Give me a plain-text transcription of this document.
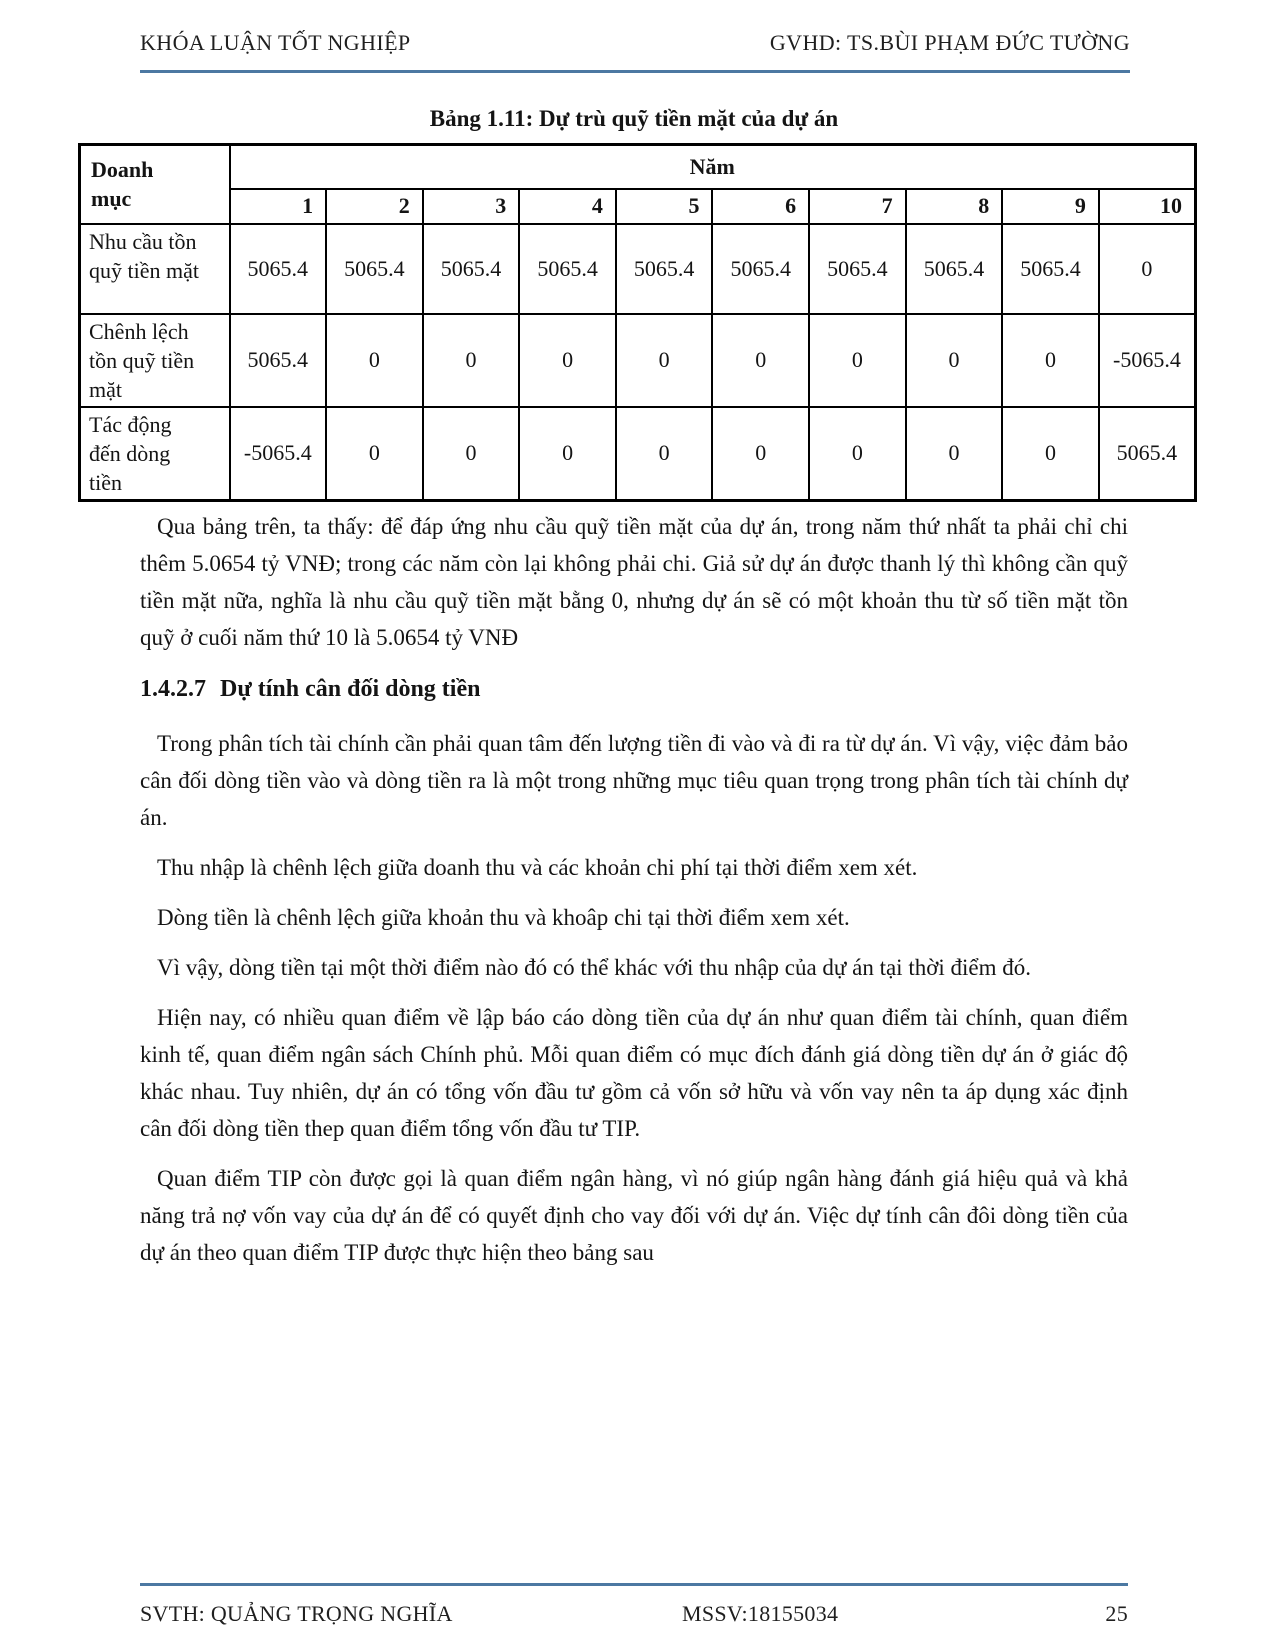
KHÓA LUẬN TỐT NGHIỆP	GVHD: TS.BÙI PHẠM ĐỨC TƯỜNG
Bảng 1.11: Dự trù quỹ tiền mặt của dự án
Doanh mục	Năm									
	1	2	3	4	5	6	7	8	9	10
Nhu cầu tồn quỹ tiền mặt	5065.4	5065.4	5065.4	5065.4	5065.4	5065.4	5065.4	5065.4	5065.4	0
Chênh lệch tồn quỹ tiền mặt	5065.4	0	0	0	0	0	0	0	0	-5065.4
Tác động đến dòng tiền	-5065.4	0	0	0	0	0	0	0	0	5065.4

Qua bảng trên, ta thấy: để đáp ứng nhu cầu quỹ tiền mặt của dự án, trong năm thứ nhất ta phải chỉ chi thêm 5.0654 tỷ VNĐ; trong các năm còn lại không phải chi. Giả sử dự án được thanh lý thì không cần quỹ tiền mặt nữa, nghĩa là nhu cầu quỹ tiền mặt bằng 0, nhưng dự án sẽ có một khoản thu từ số tiền mặt tồn quỹ ở cuối năm thứ 10 là 5.0654 tỷ VNĐ

1.4.2.7 Dự tính cân đối dòng tiền

Trong phân tích tài chính cần phải quan tâm đến lượng tiền đi vào và đi ra từ dự án. Vì vậy, việc đảm bảo cân đối dòng tiền vào và dòng tiền ra là một trong những mục tiêu quan trọng trong phân tích tài chính dự án.

Thu nhập là chênh lệch giữa doanh thu và các khoản chi phí tại thời điểm xem xét.

Dòng tiền là chênh lệch giữa khoản thu và khoâp chi tại thời điểm xem xét.

Vì vậy, dòng tiền tại một thời điểm nào đó có thể khác với thu nhập của dự án tại thời điểm đó.

Hiện nay, có nhiều quan điểm về lập báo cáo dòng tiền của dự án như quan điểm tài chính, quan điểm kinh tế, quan điểm ngân sách Chính phủ. Mỗi quan điểm có mục đích đánh giá dòng tiền dự án ở giác độ khác nhau. Tuy nhiên, dự án có tổng vốn đầu tư gồm cả vốn sở hữu và vốn vay nên ta áp dụng xác định cân đối dòng tiền thep quan điểm tổng vốn đầu tư TIP.

Quan điểm TIP còn được gọi là quan điểm ngân hàng, vì nó giúp ngân hàng đánh giá hiệu quả và khả năng trả nợ vốn vay của dự án để có quyết định cho vay đối với dự án. Việc dự tính cân đôi dòng tiền của dự án theo quan điểm TIP được thực hiện theo bảng sau

SVTH: QUẢNG TRỌNG NGHĨA	MSSV:18155034	25
